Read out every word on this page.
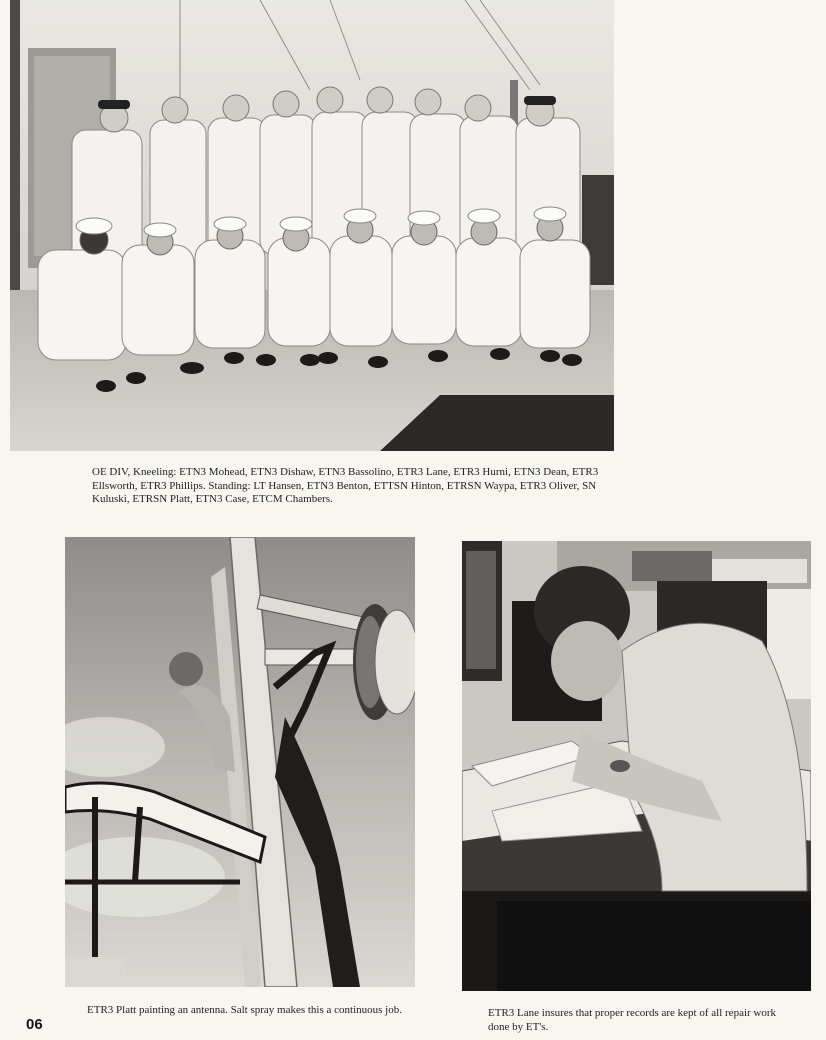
OE DIV, Kneeling: ETN3 Mohead, ETN3 Dishaw, ETN3 Bassolino, ETR3 Lane, ETR3 Hurni, ETN3 Dean, ETR3 Ellsworth, ETR3 Phillips. Standing: LT Hansen, ETN3 Benton, ETTSN Hinton, ETRSN Waypa, ETR3 Oliver, SN Kuluski, ETRSN Platt, ETN3 Case, ETCM Chambers.

ETR3 Platt painting an antenna. Salt spray makes this a continuous job.	ETR3 Lane insures that proper records are kept of all repair work done by ET's.

06
